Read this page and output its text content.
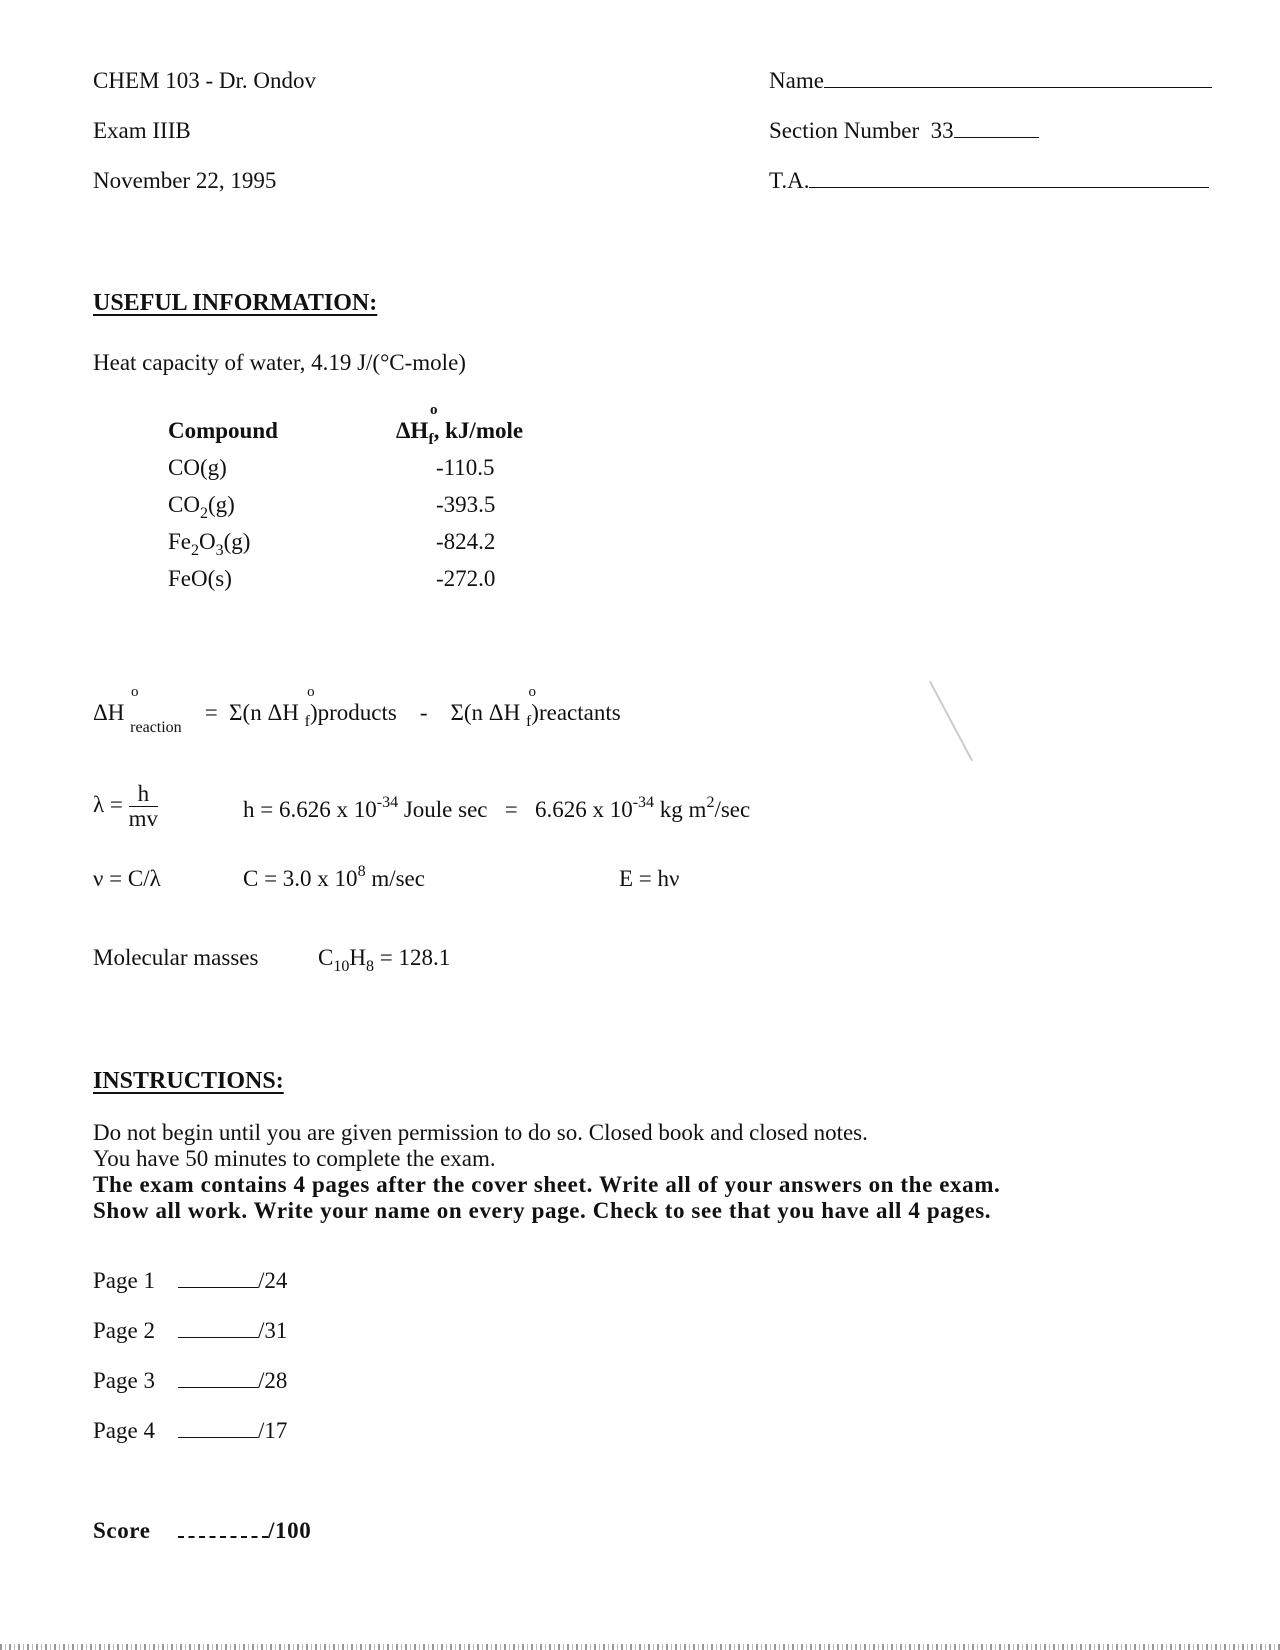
CHEM 103 - Dr. Ondov
Exam IIIB
November 22, 1995
Name
Section Number 33
T.A.
USEFUL INFORMATION:
Heat capacity of water, 4.19 J/(°C-mole)
Compound	$\Delta H_f$, kJ/mole
o

CO(g)	-110.5
$CO_2(g)$	-393.5
$Fe_2O_3(g)$	-824.2
FeO(s)	-272.0
ΔH
o
$_{reaction}$    = Σ(n ΔH
o
$_f$)products - Σ(n ΔH
o
$_f$)reactants
$\lambda = \frac{h}{mv}$	h = 6.626 x $10^{-34}$ Joule sec = 6.626 x $10^{-34}$ kg $m^2/\sec$
ν = C/λ	C = 3.0 x $10^8$ m/sec	E = hν
Molecular masses	$C_{10}H_8 = 128.1$
INSTRUCTIONS:
Do not begin until you are given permission to do so. Closed book and closed notes.
You have 50 minutes to complete the exam.
The exam contains 4 pages after the cover sheet. Write all of your answers on the exam.
Show all work. Write your name on every page. Check to see that you have all 4 pages.
Page 1	/24
Page 2	/31
Page 3	/28
Page 4	/17
Score	/100
